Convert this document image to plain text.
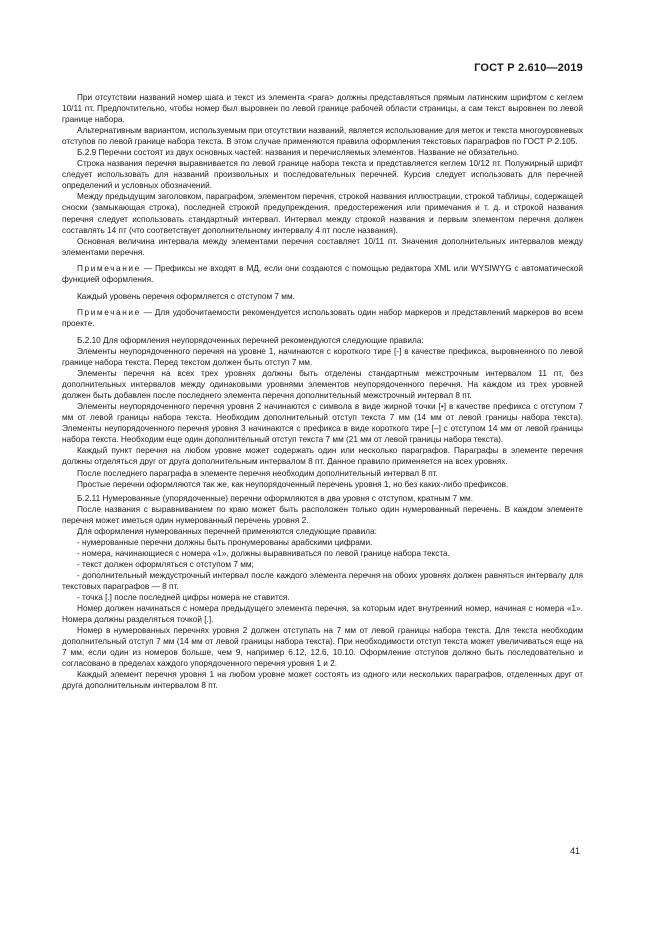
ГОСТ Р 2.610—2019

При отсутствии названий номер шага и текст из элемента <para> должны представляться прямым латинским шрифтом с кеглем 10/11 пт. Предпочтительно, чтобы номер был выровнен по левой границе рабочей области страницы, а сам текст выровнен по левой границе набора.

Альтернативным вариантом, используемым при отсутствии названий, является использование для меток и текста многоуровневых отступов по левой границе набора текста. В этом случае применяются правила оформления текстовых параграфов по ГОСТ Р 2.105.

Б.2.9 Перечни состоят из двух основных частей: названия и перечисляемых элементов. Название не обязательно.

Строка названия перечня выравнивается по левой границе набора текста и представляется кеглем 10/12 пт. Полужирный шрифт следует использовать для названий произвольных и последовательных перечней. Курсив следует использовать для перечней определений и условных обозначений.

Между предыдущим заголовком, параграфом, элементом перечня, строкой названия иллюстрации, строкой таблицы, содержащей сноски (замыкающая строка), последней строкой предупреждения, предостережения или примечания и т. д. и строкой названия перечня следует использовать стандартный интервал. Интервал между строкой названия и первым элементом перечня должен составлять 14 пт (что соответствует дополнительному интервалу 4 пт после названия).

Основная величина интервала между элементами перечня составляет 10/11 пт. Значения дополнительных интервалов между элементами перечня.

Примечание — Префиксы не входят в МД, если они создаются с помощью редактора XML или WYSIWYG с автоматической функцией оформления.

Каждый уровень перечня оформляется с отступом 7 мм.

Примечание — Для удобочитаемости рекомендуется использовать один набор маркеров и представлений маркеров во всем проекте.

Б.2.10 Для оформления неупорядоченных перечней рекомендуются следующие правила:

Элементы неупорядоченного перечня на уровне 1, начинаются с короткого тире [-] в качестве префикса, выровненного по левой границе набора текста. Перед текстом должен быть отступ 7 мм.

Элементы перечня на всех трех уровнях должны быть отделены стандартным межстрочным интервалом 11 пт, без дополнительных интервалов между одинаковыми уровнями элементов неупорядоченного перечня. На каждом из трех уровней должен быть добавлен после последнего элемента перечня дополнительный межстрочный интервал 8 пт.

Элементы неупорядоченного перечня уровня 2 начинаются с символа в виде жирной точки [•] в качестве префикса с отступом 7 мм от левой границы набора текста. Необходим дополнительный отступ текста 7 мм (14 мм от левой границы набора текста). Элементы неупорядоченного перечня уровня 3 начинаются с префикса в виде короткого тире [–] с отступом 14 мм от левой границы набора текста. Необходим еще один дополнительный отступ текста 7 мм (21 мм от левой границы набора текста).

Каждый пункт перечня на любом уровне может содержать один или несколько параграфов. Параграфы в элементе перечня должны отделяться друг от друга дополнительным интервалом 8 пт. Данное правило применяется на всех уровнях.

После последнего параграфа в элементе перечня необходим дополнительный интервал 8 пт.

Простые перечни оформляются так же, как неупорядоченный перечень уровня 1, но без каких-либо префиксов.

Б.2.11 Нумерованные (упорядоченные) перечни оформляются в два уровня с отступом, кратным 7 мм.

После названия с выравниванием по краю может быть расположен только один нумерованный перечень. В каждом элементе перечня может иметься один нумерованный перечень уровня 2.

Для оформления нумерованных перечней применяются следующие правила:

- нумерованные перечни должны быть пронумерованы арабскими цифрами.

- номера, начинающиеся с номера «1», должны выравниваться по левой границе набора текста.

- текст должен оформляться с отступом 7 мм;

- дополнительный междустрочный интервал после каждого элемента перечня на обоих уровнях должен равняться интервалу для текстовых параграфов — 8 пт.

- точка [.] после последней цифры номера не ставится.

Номер должен начинаться с номера предыдущего элемента перечня, за которым идет внутренний номер, начиная с номера «1». Номера должны разделяться точкой [.].

Номер в нумерованных перечнях уровня 2 должен отступать на 7 мм от левой границы набора текста. Для текста необходим дополнительный отступ 7 мм (14 мм от левой границы набора текста). При необходимости отступ текста может увеличиваться еще на 7 мм, если один из номеров больше, чем 9, например 6.12, 12.6, 10.10. Оформление отступов должно быть последовательно и согласовано в пределах каждого упорядоченного перечня уровня 1 и 2.

Каждый элемент перечня уровня 1 на любом уровне может состоять из одного или нескольких параграфов, отделенных друг от друга дополнительным интервалом 8 пт.

41
